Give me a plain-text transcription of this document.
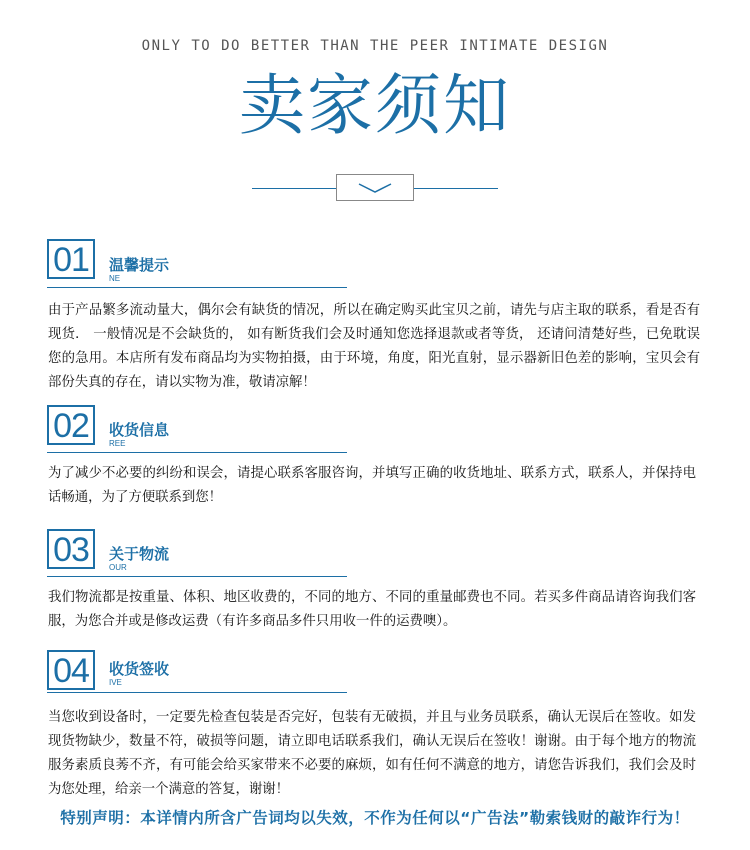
ONLY TO DO BETTER THAN THE PEER INTIMATE DESIGN
卖家须知
01	温馨提示
NE
由于产品繁多流动量大，偶尔会有缺货的情况，所以在确定购买此宝贝之前，请先与店主取的联系，看是否有现货． 一般情况是不会缺货的， 如有断货我们会及时通知您选择退款或者等货， 还请问清楚好些，已免耽误您的急用。本店所有发布商品均为实物拍摄，由于环境，角度，阳光直射，显示器新旧色差的影响，宝贝会有部份失真的存在，请以实物为准，敬请凉解！
02	收货信息
REE
为了减少不必要的纠纷和误会，请提心联系客服咨询，并填写正确的收货地址、联系方式，联系人，并保持电话畅通，为了方便联系到您！
03	关于物流
OUR
我们物流都是按重量、体积、地区收费的，不同的地方、不同的重量邮费也不同。若买多件商品请咨询我们客服，为您合并或是修改运费（有许多商品多件只用收一件的运费噢）。
04	收货签收
IVE
当您收到设备时，一定要先检查包装是否完好，包装有无破损，并且与业务员联系，确认无误后在签收。如发现货物缺少，数量不符，破损等问题，请立即电话联系我们，确认无误后在签收！谢谢。由于每个地方的物流服务素质良莠不齐，有可能会给买家带来不必要的麻烦，如有任何不满意的地方，请您告诉我们，我们会及时为您处理，给亲一个满意的答复，谢谢！
特别声明：本详情内所含广告词均以失效，不作为任何以“广告法”勒索钱财的敲诈行为！
